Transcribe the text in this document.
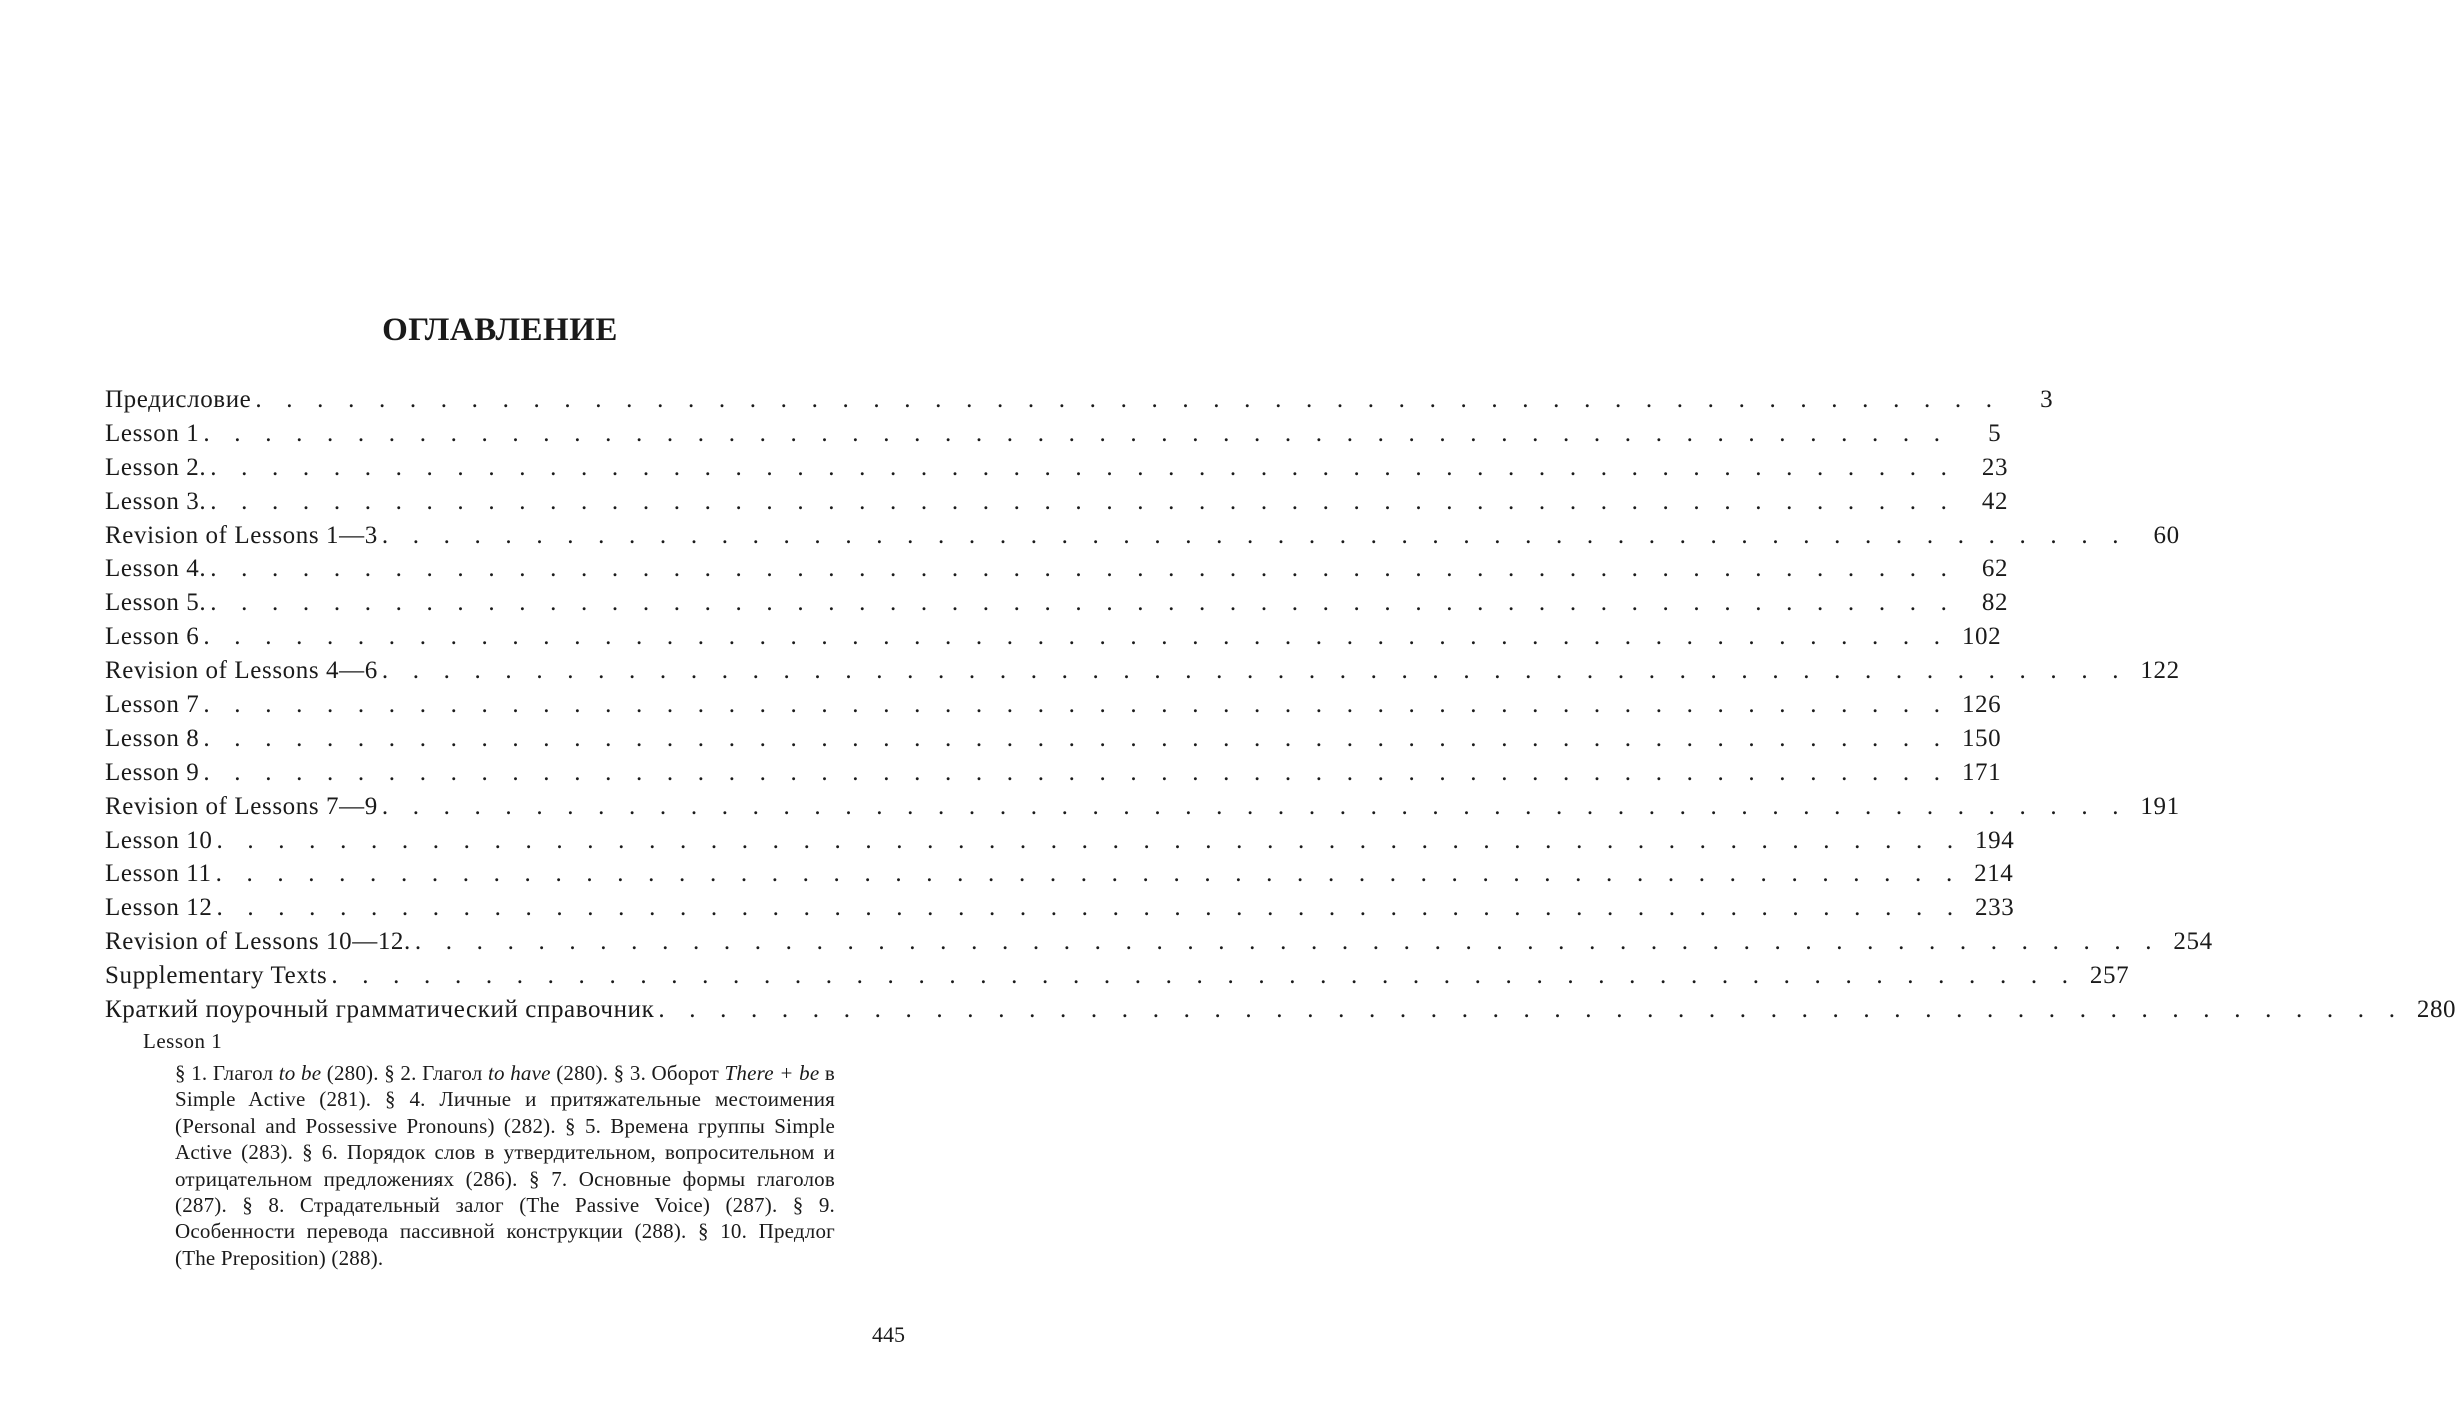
ОГЛАВЛЕНИЕ
Предисловие . . . . . . . . . . . . . . . . . . . . . . . . . . . . . . . . . . . . . . . . . . . . . . . . . . . . . . . . .	3
Lesson 1 . . . . . . . . . . . . . . . . . . . . . . . . . . . . . . . . . . . . . . . . . . . . . . . . . . . . . . . . .	5
Lesson 2. . . . . . . . . . . . . . . . . . . . . . . . . . . . . . . . . . . . . . . . . . . . . . . . . . . . . . . . . .	23
Lesson 3. . . . . . . . . . . . . . . . . . . . . . . . . . . . . . . . . . . . . . . . . . . . . . . . . . . . . . . . . .	42
Revision of Lessons 1—3 . . . . . . . . . . . . . . . . . . . . . . . . . . . . . . . . . . . . . . . . . . . . . . . . . . . . . . . . .	60
Lesson 4. . . . . . . . . . . . . . . . . . . . . . . . . . . . . . . . . . . . . . . . . . . . . . . . . . . . . . . . . .	62
Lesson 5. . . . . . . . . . . . . . . . . . . . . . . . . . . . . . . . . . . . . . . . . . . . . . . . . . . . . . . . . .	82
Lesson 6 . . . . . . . . . . . . . . . . . . . . . . . . . . . . . . . . . . . . . . . . . . . . . . . . . . . . . . . . . 102
Revision of Lessons 4—6 . . . . . . . . . . . . . . . . . . . . . . . . . . . . . . . . . . . . . . . . . . . . . . . . . . . . . . . . . 122
Lesson 7 . . . . . . . . . . . . . . . . . . . . . . . . . . . . . . . . . . . . . . . . . . . . . . . . . . . . . . . . . 126
Lesson 8 . . . . . . . . . . . . . . . . . . . . . . . . . . . . . . . . . . . . . . . . . . . . . . . . . . . . . . . . . 150
Lesson 9 . . . . . . . . . . . . . . . . . . . . . . . . . . . . . . . . . . . . . . . . . . . . . . . . . . . . . . . . . 171
Revision of Lessons 7—9 . . . . . . . . . . . . . . . . . . . . . . . . . . . . . . . . . . . . . . . . . . . . . . . . . . . . . . . . . 191
Lesson 10 . . . . . . . . . . . . . . . . . . . . . . . . . . . . . . . . . . . . . . . . . . . . . . . . . . . . . . . . . 194
Lesson 11 . . . . . . . . . . . . . . . . . . . . . . . . . . . . . . . . . . . . . . . . . . . . . . . . . . . . . . . . . 214
Lesson 12 . . . . . . . . . . . . . . . . . . . . . . . . . . . . . . . . . . . . . . . . . . . . . . . . . . . . . . . . . 233
Revision of Lessons 10—12. . . . . . . . . . . . . . . . . . . . . . . . . . . . . . . . . . . . . . . . . . . . . . . . . . . . . . . . . . 254
Supplementary Texts . . . . . . . . . . . . . . . . . . . . . . . . . . . . . . . . . . . . . . . . . . . . . . . . . . . . . . . . . 257
Краткий поурочный грамматический справочник . . . . . . . . . . . . . . . . . . . . . . . . . . . . . . . . . . . . . . . . . . . . . . . . . . . . . . . . . 280

Lesson 1

§ 1. Глагол to be (280). § 2. Глагол to have (280). § 3. Оборот There + be в Simple Active (281). § 4. Личные и притяжательные местоимения (Personal and Possessive Pronouns) (282). § 5. Времена группы Simple Active (283). § 6. Порядок слов в утвердительном, вопросительном и отрицательном предложениях (286). § 7. Основные формы глаголов (287). § 8. Страдательный залог (The Passive Voice) (287). § 9. Особенности перевода пассивной конструкции (288). § 10. Предлог (The Preposition) (288).

445
